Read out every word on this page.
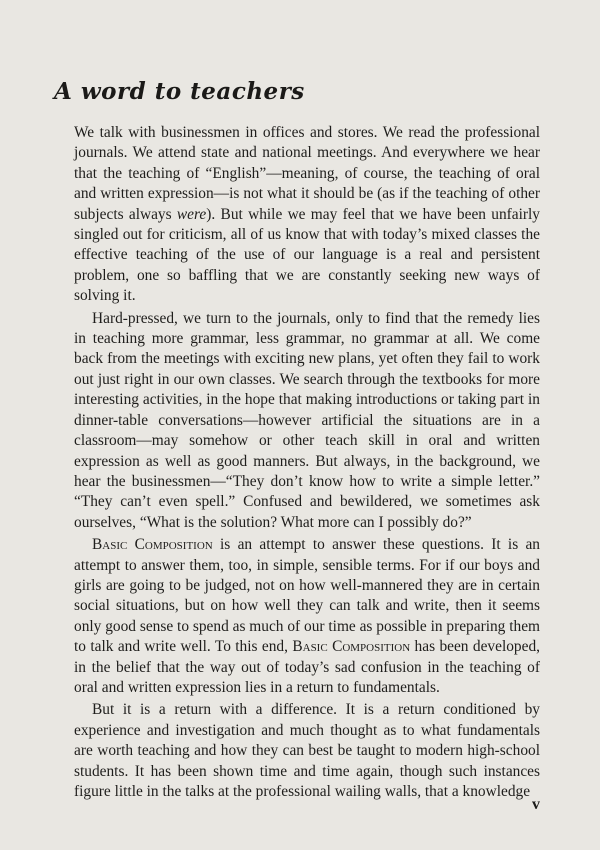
A word to teachers

We talk with businessmen in offices and stores. We read the professional journals. We attend state and national meetings. And everywhere we hear that the teaching of “English”—meaning, of course, the teaching of oral and written expression—is not what it should be (as if the teaching of other subjects always were). But while we may feel that we have been unfairly singled out for criticism, all of us know that with today’s mixed classes the effective teaching of the use of our language is a real and persistent problem, one so baffling that we are constantly seeking new ways of solving it.

Hard-pressed, we turn to the journals, only to find that the remedy lies in teaching more grammar, less grammar, no grammar at all. We come back from the meetings with exciting new plans, yet often they fail to work out just right in our own classes. We search through the textbooks for more interesting activities, in the hope that making introductions or taking part in dinner-table conversations—however artificial the situations are in a classroom—may somehow or other teach skill in oral and written expression as well as good manners. But always, in the background, we hear the businessmen—“They don’t know how to write a simple letter.” “They can’t even spell.” Confused and bewildered, we sometimes ask ourselves, “What is the solution? What more can I possibly do?”

Basic Composition is an attempt to answer these questions. It is an attempt to answer them, too, in simple, sensible terms. For if our boys and girls are going to be judged, not on how well-mannered they are in certain social situations, but on how well they can talk and write, then it seems only good sense to spend as much of our time as possible in preparing them to talk and write well. To this end, Basic Composition has been developed, in the belief that the way out of today’s sad confusion in the teaching of oral and written expression lies in a return to fundamentals.

But it is a return with a difference. It is a return conditioned by experience and investigation and much thought as to what fundamentals are worth teaching and how they can best be taught to modern high-school students. It has been shown time and time again, though such instances figure little in the talks at the professional wailing walls, that a knowledge

v
